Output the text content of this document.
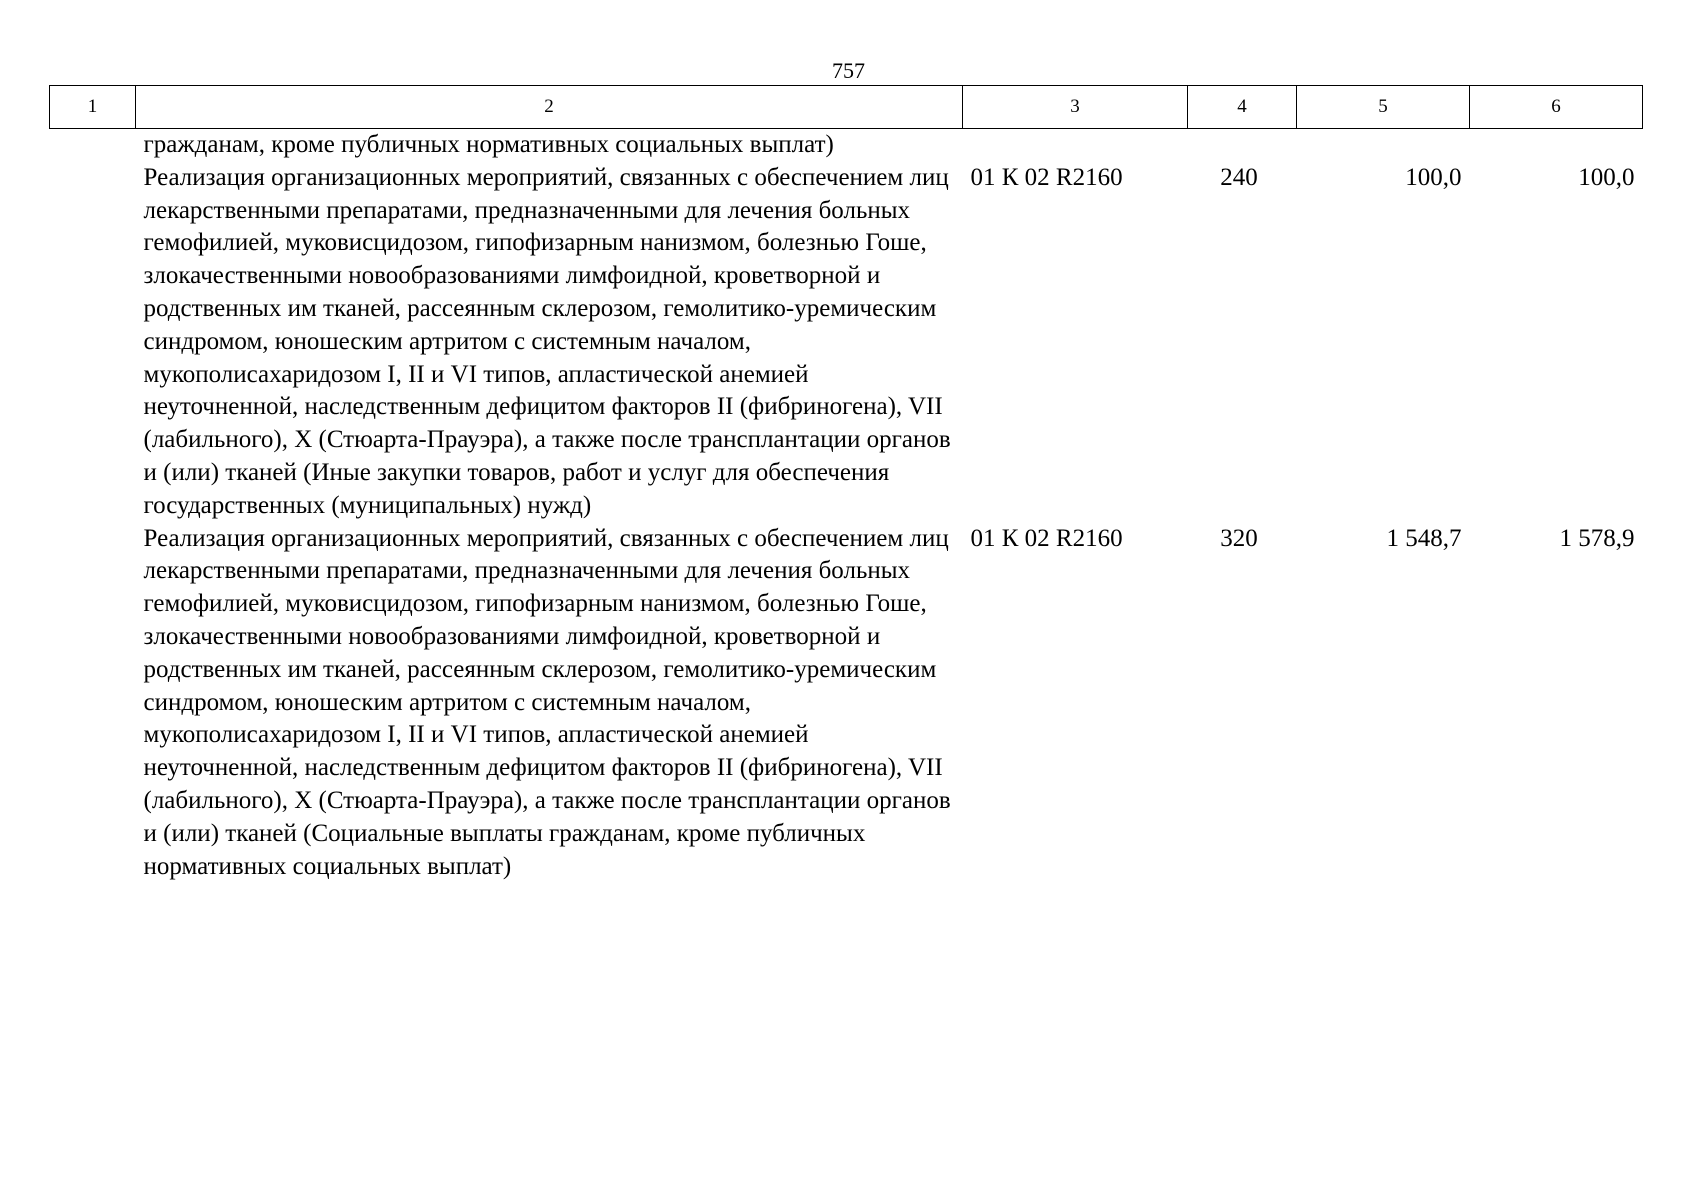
757
1	2	3	4	5	6
	гражданам, кроме публичных нормативных социальных выплат)				
	Реализация организационных мероприятий, связанных с обеспечением лиц лекарственными препаратами, предназначенными для лечения больных гемофилией, муковисцидозом, гипофизарным нанизмом, болезнью Гоше, злокачественными новообразованиями лимфоидной, кроветворной и родственных им тканей, рассеянным склерозом, гемолитико-уремическим синдромом, юношеским артритом с системным началом, мукополисахаридозом I, II и VI типов, апластической анемией неуточненной, наследственным дефицитом факторов II (фибриногена), VII (лабильного), X (Стюарта-Прауэра), а также после трансплантации органов и (или) тканей (Иные закупки товаров, работ и услуг для обеспечения государственных (муниципальных) нужд)	01 К 02 R2160	240	100,0	100,0
	Реализация организационных мероприятий, связанных с обеспечением лиц лекарственными препаратами, предназначенными для лечения больных гемофилией, муковисцидозом, гипофизарным нанизмом, болезнью Гоше, злокачественными новообразованиями лимфоидной, кроветворной и родственных им тканей, рассеянным склерозом, гемолитико-уремическим синдромом, юношеским артритом с системным началом, мукополисахаридозом I, II и VI типов, апластической анемией неуточненной, наследственным дефицитом факторов II (фибриногена), VII (лабильного), X (Стюарта-Прауэра), а также после трансплантации органов и (или) тканей (Социальные выплаты гражданам, кроме публичных нормативных социальных выплат)	01 К 02 R2160	320	1 548,7	1 578,9
